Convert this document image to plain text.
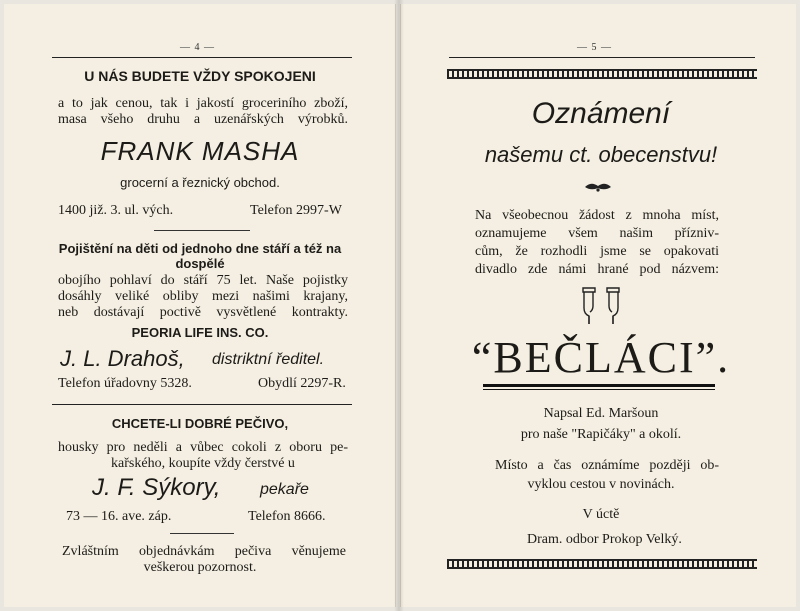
— 4 —
U NÁS BUDETE VŽDY SPOKOJENI
a to jak cenou, tak i jakostí groceriního zboží,
masa všeho druhu a uzenářských výrobků.
FRANK MASHA
grocerní a řeznický obchod.
1400 již. 3. ul. vých.	Telefon 2997-W
Pojištění na děti od jednoho dne stáří a též na
dospělé
obojího pohlaví do stáří 75 let. Naše pojistky
dosáhly veliké obliby mezi našimi krajany,
neb dostávají poctivě vysvětlené kontrakty.
PEORIA LIFE INS. CO.
J. L. Drahoš, distriktní ředitel.
Telefon úřadovny 5328.	Obydlí 2297-R.
CHCETE-LI DOBRÉ PEČIVO,
housky pro neděli a vůbec cokoli z oboru pe-
kařského, koupíte vždy čerstvé u
J. F. Sýkory, pekaře
73 — 16. ave. záp.	Telefon 8666.
Zvláštním objednávkám pečiva věnujeme
veškerou pozornost.
— 5 —
Oznámení
našemu ct. obecenstvu!
Na všeobecnou žádost z mnoha míst,
oznamujeme všem našim přízniv-
cům, že rozhodli jsme se opakovati
divadlo zde námi hrané pod názvem:
“BEČLÁCI”.
Napsal Ed. Maršoun
pro naše "Rapičáky" a okolí.
Místo a čas oznámíme později ob-
vyklou cestou v novinách.
V úctě
Dram. odbor Prokop Velký.
